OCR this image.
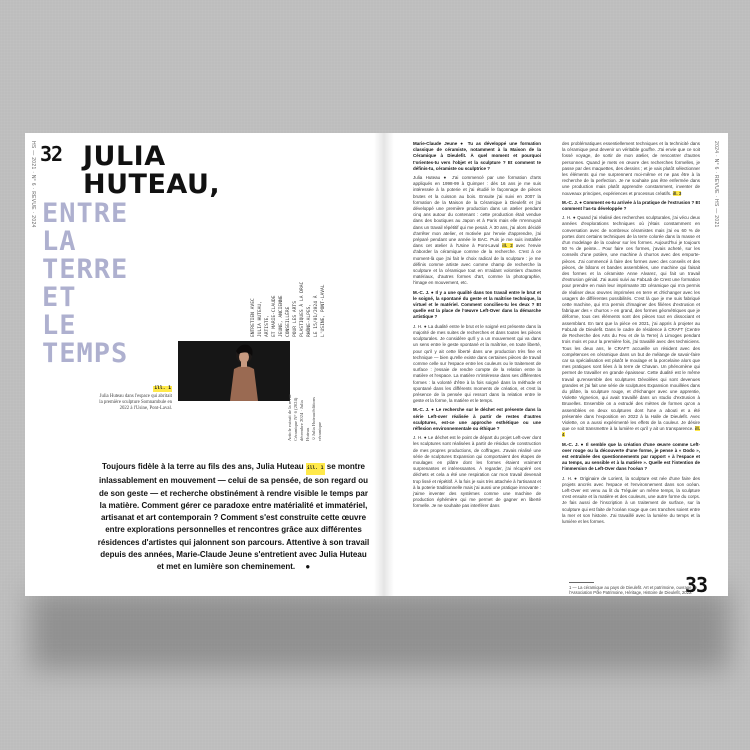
HS — 2021 · N° 6 · REVUE · 2024 32 JULIA
HUTEAU,
ENTRE
LA
TERRE
ET
LE
TEMPS
ENTRETIEN AVEC JULIA HUTEAU, ARTISTE, ET MARIE-CLAUDE JEUNE, ANCIENNE CONSEILLÈRE POUR LES ARTS PLASTIQUES À LA DRAC RHÔNE-ALPES, LE 15/01/2024 À L'USINE, PONT-LAVAL
Article extrait de la revue Céramique N° 6 (2024) décembre 2024 · Julia Huteau ©Julia Huteau/éditions céramique
ill. 1
Julia Huteau dans l'espace qui abritait la première sculpture Somnambule en 2022 à l'Usine, Pont-Laval.
Toujours fidèle à la terre au fils des ans, Julia Huteau ill. 1 se montre inlassablement en mouvement — celui de sa pensée, de son regard ou de son geste — et recherche obstinément à rendre visible le temps par la matière. Comment gérer ce paradoxe entre matérialité et immatériel, artisanat et art contemporain ? Comment s'est construite cette œuvre entre explorations personnelles et rencontres grâce aux différentes résidences d'artistes qui jalonnent son parcours. Attentive à son travail depuis des années, Marie-Claude Jeune s'entretient avec Julia Huteau et met en lumière son cheminement. ●

Marie-Claude Jeune ● Tu as développé une formation classique de céramiste, notamment à la Maison de la Céramique à Dieulefit. À quel moment et pourquoi t'orientes-tu vers l'objet et la sculpture ? Et comment te définis-tu, céramiste ou sculptrice ?

Julia Huteau ● J'ai commencé par une formation d'arts appliqués en 1998-99 à Quimper : dès 16 ans je me suis intéressée à la poterie et j'ai étudié le façonnage de pièces brutes et la cuisson au bois. Ensuite j'ai suivi en 2007 la formation de la Maison de la Céramique à Dieulefit et j'ai développé une première production dans un atelier pendant cinq ans autour du contenant : cette production était vendue dans des boutiques au Japon et à Paris mais elle m'ennuyait dans un travail répétitif qui me pesait. À 30 ans, j'ai alors décidé d'arrêter mon atelier, et motivée par l'envie d'apprendre, j'ai préparé pendant une année le BAC. Puis je me suis installée dans cet atelier à l'Usine à Pont-Laval ill. 2 avec l'envie d'aborder la céramique comme de la recherche. C'est à ce moment-là que j'ai fait le choix radical de la sculpture : je me définis comme artiste avec comme champ de recherche la sculpture et la céramique tout en m'aidant volontiers d'autres matériaux, d'autres formes d'art, comme la photographie, l'image en mouvement, etc.

M.-C. J. ● Il y a une qualité dans ton travail entre le brut et le soigné, la spontané du geste et la maîtrise technique, la virtuel et le matériel. Comment concilies-tu les deux ? Et quelle est la place de l'œuvre Left-Over dans la démarche artistique ?

J. H. ● La dualité entre le brut et le soigné est présente dans la majorité de mes suites de recherches et dans toutes les pièces sculpturales. Je considère qu'il y a un mouvement qui va dans un sens entre le geste spontané et la maîtrise, en toute liberté, pour qu'il y ait cette liberté dans une production très fine et technique — bien qu'elle existe dans certaines pièces de travail comme celle sur l'espace entre les couleurs ou le traitement de surface : j'essaie de rendre compte de la relation entre la matière et l'espace. La matière m'intéresse dans ses différentes formes : la volonté d'être à la fois soigné dans la méthode et spontané dans les différents moments de création, et c'est la présence de la pensée qui ressort dans la relation entre le geste et la forme, la matière et le temps.

M.-C. J. ● Le recherche sur le déchet est présente dans la série Left-over réalisée à partir de restes d'autres sculptures, est-ce une approche esthétique ou une réflexion environnementale ou éthique ?

J. H. ● Le déchet est le point de départ du projet Left-over dont les sculptures sont réalisées à partir de résidus de construction de mes propres productions, de coffrages. J'avais réalisé une série de sculptures Expansion qui comportaient des étapes de moulages en plâtre dont les formes étaient vraiment surprenantes et intéressantes. À regarder, j'ai récupéré ces déchets et cela a été une respiration car mon travail devenait trop lissé et répétitif. À la fois je suis très attachée à l'artisanat et à la poterie traditionnelle mais j'ai aussi une pratique innovante : j'aime inventer des systèmes comme une machine de production éphémère qui me permet de gagner en liberté formelle. Je ne souhaite pas interférer dans

des problématiques essentiellement techniques et la technicité dans la céramique peut devenir un véritable gouffre. J'ai envie que ce soit fossé voyage, de sortir de mon atelier, de rencontrer d'autres personnes. Quand je mets en œuvre des recherches formelles, je passe par des maquettes, des dessins ; et je vais plutôt sélectionner les éléments qui me surprennent moi-même et ne pas être à la recherche de la perfection. Je ne souhaite pas être enfermée dans une production mais plutôt apprendre constamment, inventer de nouveaux principes, expériences et processus créatifs. ill. 3

M.-C. J. ● Comment es-tu arrivée à la pratique de l'extrusion ? Et comment l'as-tu développée ?

J. H. ● Quand j'ai réalisé des recherches sculpturales, j'ai vécu deux années d'explorations techniques où j'étais constamment en conversation avec de nombreux céramistes mais j'ai eu 60 % de portes dont certains techniques de la terre colorée dans la masse et d'un modelage de la couleur sur les formes. Aujourd'hui je toujours 50 % de peinte... Pour faire ces formes, j'avais acheté, sur les conseils d'une potière, une machine à churros avec des emporte-pièces. J'ai commencé à faire des formes avec des conseils et des pièces, de bâtons et bandes assemblées, une machine qui faisait des formes et la céramiste Anne Alvarez, qui fait un travail d'extrusion génial. J'ai aussi suivi au FabLab de Crest une formation pour prendre en main leur imprimante 3D céramique qui m'a permis de réaliser deux œuvres imprimées en terre et d'échanger avec les usagers de différentes possibilités. C'est là que je me suis fabriqué cette machine, qui m'a permis d'imaginer des filières d'extrusion et fabriquer des « churros » en grand, des formes géométriques que je déforme, tous ces éléments sont des pièces tout en dissociant et assemblant. En tant que la pièce en 2021, j'ai appris à projeter au FabLab de Dieulefit. Dans le cadre de résidence à CRAFT (Centre de Recherche des Arts du Feu et de la Terre) à Limoges pendant trois mois et pour la première fois, j'ai travaillé avec des techniciens. Tous les deux ans, le CRAFT accueille un résident avec des compétences en céramique dans un but de mélange de savoir-faire car sa spécialisation est plutôt le moulage et la porcelaine alors que mes pratiques sont liées à la terre de Chavan. Un phénomène qui permet de travailler en grande épaisseur. Cette dualité est le même travail qu'ensemble des sculptures Dévoilées qui sont devenues grandes et j'ai fait une série de sculptures Expansion mouillées dans du plâtre, la sculpture rouge, et d'échanger avec une apprentie, Violette Vignerion, qui avait travaillé dans un studio d'extrusion à Bruxelles. Ensemble on a extrudé des mètres de formes qu'on a assemblées en deux sculptures dont l'une a abouti et a été présentée dans l'exposition en 2022 à la Halle de Dieulefit. Avec Violette, on a aussi expérimenté les effets de la couleur. Je désire que ce soit transmettre à la lumière et qu'il y ait un transparence. ill. 4

M.-C. J. ● Il semble que la création d'une œuvre comme Left-over rouge ou la découverte d'une forme, je pense à « Dodo », est entraînée des questionnements par rapport « à l'espace et au temps, au sensible et à la matière ». Quelle est l'intention de l'immersion de Left-Over dans l'océan ?

J. H. ● Originaire de Lorient, la sculpture est née d'une faire des projets ancrés avec l'espace et l'environnement dans son océan. Left-Over est venu au lit du Tréguier un même temps, la sculpture s'est ensuite et la matière et des couleurs, une autre forme du corps. Je fais aussi de l'inscription à un traitement de surface, sur la sculpture qui est faite de l'océan rouge que ces tranches soient entre la mer et son histoire. J'ai travaillé avec la lumière du temps et la lumière et les formes.

1 — La céramique au pays de Dieulefit. Art et patrimoine, ouvrage de l'Association Pôle Patrimoine, Héritage, Histoire de Dieulefit, 2022.
2024 · N° 6 · REVUE · HS — 2021
33
